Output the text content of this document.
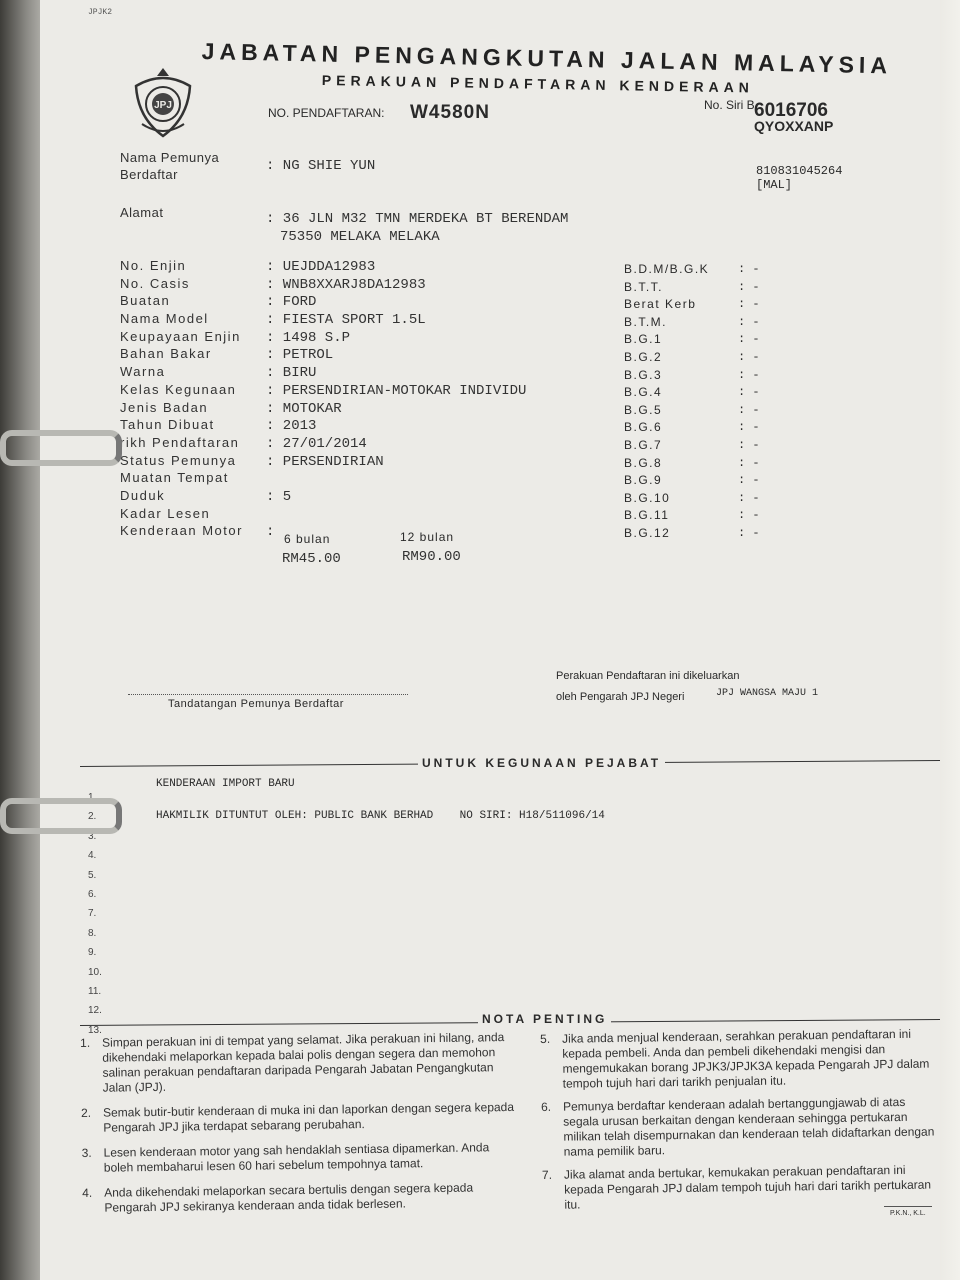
JPJK2
JPJ
JABATAN PENGANGKUTAN JALAN MALAYSIA
PERAKUAN PENDAFTARAN KENDERAAN
NO. PENDAFTARAN: W4580N	No. Siri B 6016706
QYOXXANP
Nama Pemunya
Berdaftar
: NG SHIE YUN	810831045264
[MAL]
Alamat	: 36 JLN M32 TMN MERDEKA BT BERENDAM
75350 MELAKA MELAKA
No. Enjin	: UEJDDA12983
No. Casis	: WNB8XXARJ8DA12983
Buatan	: FORD
Nama Model	: FIESTA SPORT 1.5L
Keupayaan Enjin : 1498 S.P
Bahan Bakar	: PETROL
Warna	: BIRU
Kelas Kegunaan : PERSENDIRIAN-MOTOKAR INDIVIDU
Jenis Badan	: MOTOKAR
Tahun Dibuat	: 2013
rikh Pendaftaran : 27/01/2014
Status Pemunya : PERSENDIRIAN
Muatan Tempat
Duduk	: 5
Kadar Lesen
Kenderaan Motor :
B.D.M/B.G.K : -
B.T.T.	: -
Berat Kerb	: -
B.T.M.	: -
B.G.1	: -
B.G.2	: -
B.G.3	: -
B.G.4	: -
B.G.5	: -
B.G.6	: -
B.G.7	: -
B.G.8	: -
B.G.9	: -
B.G.10	: -
B.G.11	: -
B.G.12	: -
6 bulan
RM45.00
12 bulan
RM90.00
Tandatangan Pemunya Berdaftar
Perakuan Pendaftaran ini dikeluarkan
oleh Pengarah JPJ Negeri	JPJ WANGSA MAJU 1
UNTUK KEGUNAAN PEJABAT
KENDERAAN IMPORT BARU
HAKMILIK DITUNTUT OLEH: PUBLIC BANK BERHAD    NO SIRI: H18/511096/14
1.
2.
3.
4.
5.
6.
7.
8.
9.
10.
11.
12.
13.
NOTA PENTING
1. Simpan perakuan ini di tempat yang selamat. Jika perakuan ini hilang, anda dikehendaki melaporkan kepada balai polis dengan segera dan memohon salinan perakuan pendaftaran daripada Pengarah Jabatan Pengangkutan Jalan (JPJ).
2. Semak butir-butir kenderaan di muka ini dan laporkan dengan segera kepada Pengarah JPJ jika terdapat sebarang perubahan.
3. Lesen kenderaan motor yang sah hendaklah sentiasa dipamerkan. Anda boleh membaharui lesen 60 hari sebelum tempohnya tamat.
4. Anda dikehendaki melaporkan secara bertulis dengan segera kepada Pengarah JPJ sekiranya kenderaan anda tidak berlesen.
5. Jika anda menjual kenderaan, serahkan perakuan pendaftaran ini kepada pembeli. Anda dan pembeli dikehendaki mengisi dan mengemukakan borang JPJK3/JPJK3A kepada Pengarah JPJ dalam tempoh tujuh hari dari tarikh penjualan itu.
6. Pemunya berdaftar kenderaan adalah bertanggungjawab di atas segala urusan berkaitan dengan kenderaan sehingga pertukaran milikan telah disempurnakan dan kenderaan telah didaftarkan dengan nama pemilik baru.
7. Jika alamat anda bertukar, kemukakan perakuan pendaftaran ini kepada Pengarah JPJ dalam tempoh tujuh hari dari tarikh pertukaran itu.
P.K.N., K.L.
